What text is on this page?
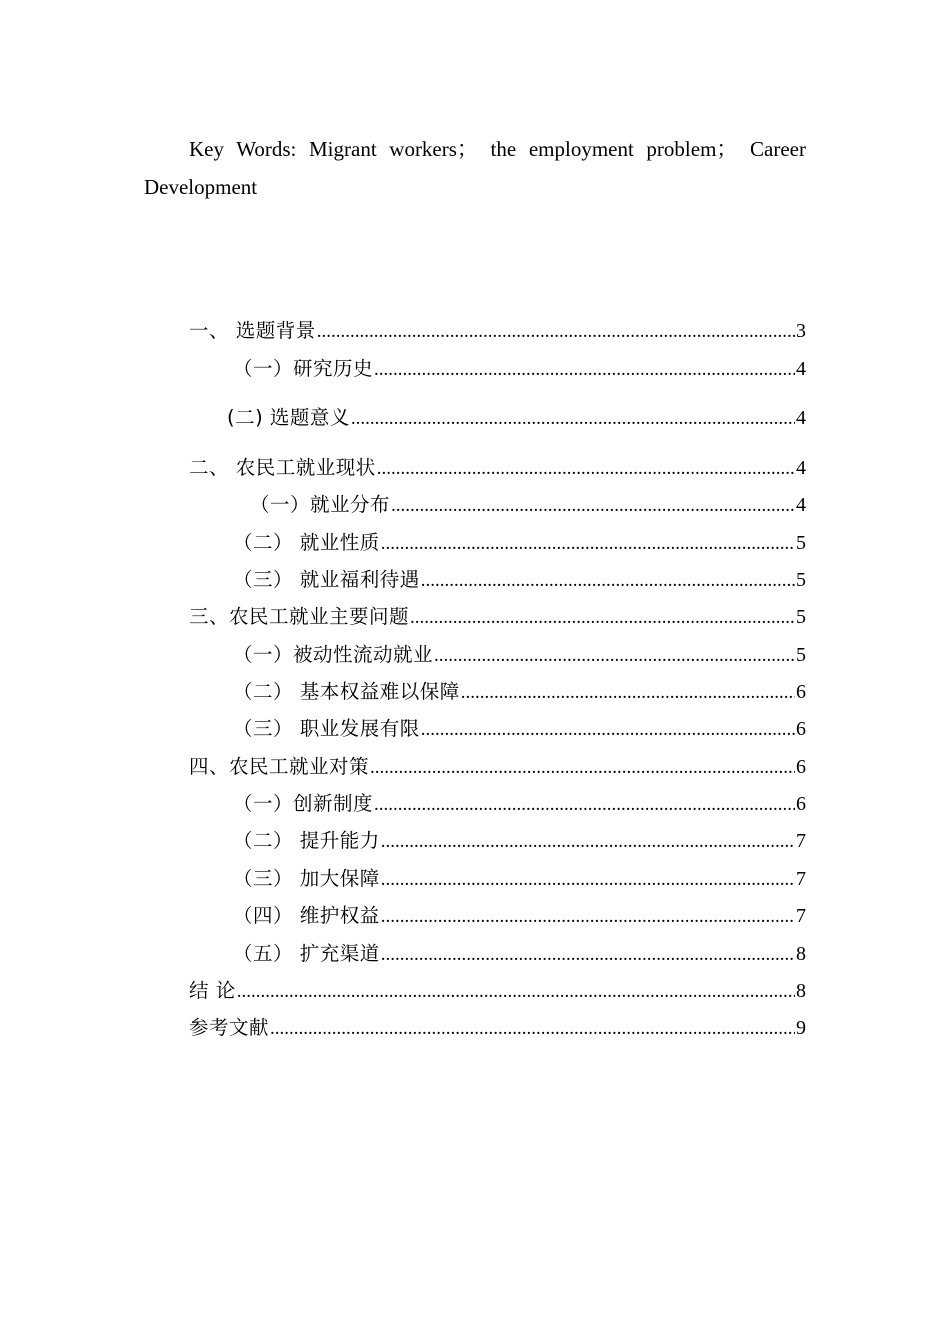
Key Words: Migrant workers； the employment problem； Career Development
一、 选题背景 .....	3
（一）研究历史 .....	4
(二) 选题意义 .....	4
二、 农民工就业现状 .....	4
（一）就业分布 .....	4
（二） 就业性质 .....	5
（三） 就业福利待遇 .....	5
三、农民工就业主要问题 .....	5
（一）被动性流动就业 .....	5
（二） 基本权益难以保障 .....	6
（三） 职业发展有限 .....	6
四、农民工就业对策 .....	6
（一）创新制度 .....	6
（二） 提升能力 .....	7
（三） 加大保障 .....	7
（四） 维护权益 .....	7
（五） 扩充渠道 .....	8
结 论 .....	8
参考文献 .....	9
